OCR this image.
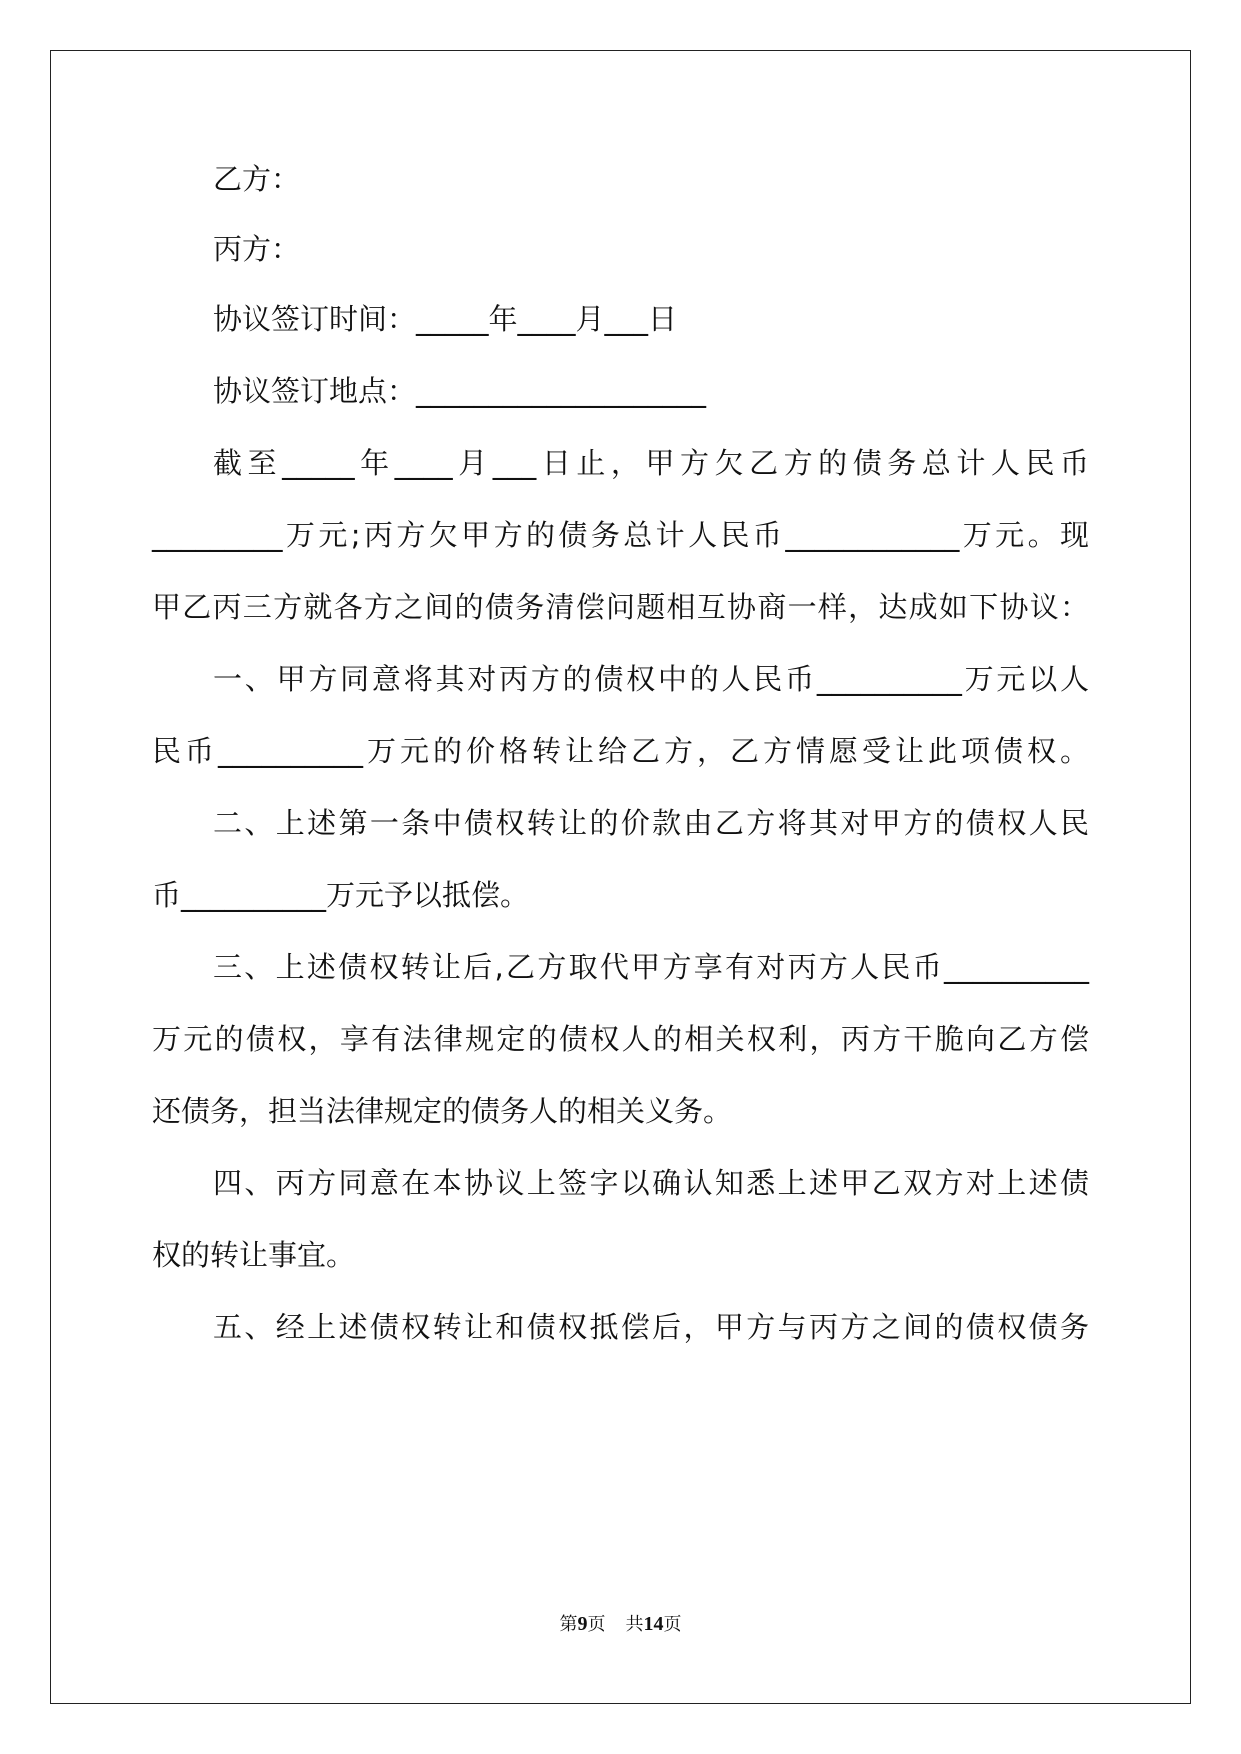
乙方：
丙方：
协议签订时间：_____年____月___日
协议签订地点：____________________
截至_____年____月___日止，甲方欠乙方的债务总计人民币
_________万元;丙方欠甲方的债务总计人民币____________万元。现
甲乙丙三方就各方之间的债务清偿问题相互协商一样，达成如下协议：
一、甲方同意将其对丙方的债权中的人民币__________万元以人
民币__________万元的价格转让给乙方，乙方情愿受让此项债权。
二、上述第一条中债权转让的价款由乙方将其对甲方的债权人民
币__________万元予以抵偿。
三、上述债权转让后,乙方取代甲方享有对丙方人民币__________
万元的债权，享有法律规定的债权人的相关权利，丙方干脆向乙方偿
还债务，担当法律规定的债务人的相关义务。
四、丙方同意在本协议上签字以确认知悉上述甲乙双方对上述债
权的转让事宜。
五、经上述债权转让和债权抵偿后，甲方与丙方之间的债权债务
第9页 共14页
